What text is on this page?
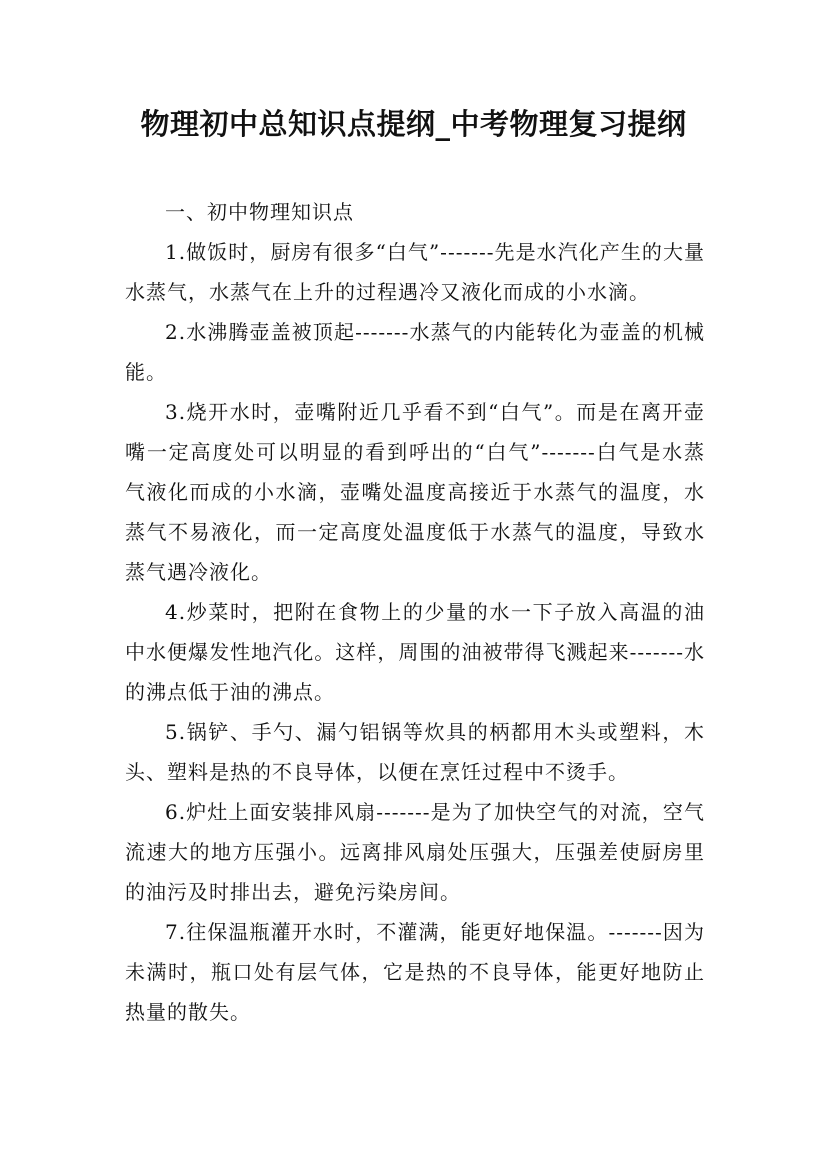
物理初中总知识点提纲_中考物理复习提纲

一、初中物理知识点

1.做饭时，厨房有很多“白气”-------先是水汽化产生的大量水蒸气，水蒸气在上升的过程遇冷又液化而成的小水滴。

2.水沸腾壶盖被顶起-------水蒸气的内能转化为壶盖的机械能。

3.烧开水时，壶嘴附近几乎看不到“白气”。而是在离开壶嘴一定高度处可以明显的看到呼出的“白气”-------白气是水蒸气液化而成的小水滴，壶嘴处温度高接近于水蒸气的温度，水蒸气不易液化，而一定高度处温度低于水蒸气的温度，导致水蒸气遇冷液化。

4.炒菜时，把附在食物上的少量的水一下子放入高温的油中水便爆发性地汽化。这样，周围的油被带得飞溅起来-------水的沸点低于油的沸点。

5.锅铲、手勺、漏勺铝锅等炊具的柄都用木头或塑料，木头、塑料是热的不良导体，以便在烹饪过程中不烫手。

6.炉灶上面安装排风扇-------是为了加快空气的对流，空气流速大的地方压强小。远离排风扇处压强大，压强差使厨房里的油污及时排出去，避免污染房间。

7.往保温瓶灌开水时，不灌满，能更好地保温。-------因为未满时，瓶口处有层气体，它是热的不良导体，能更好地防止热量的散失。
